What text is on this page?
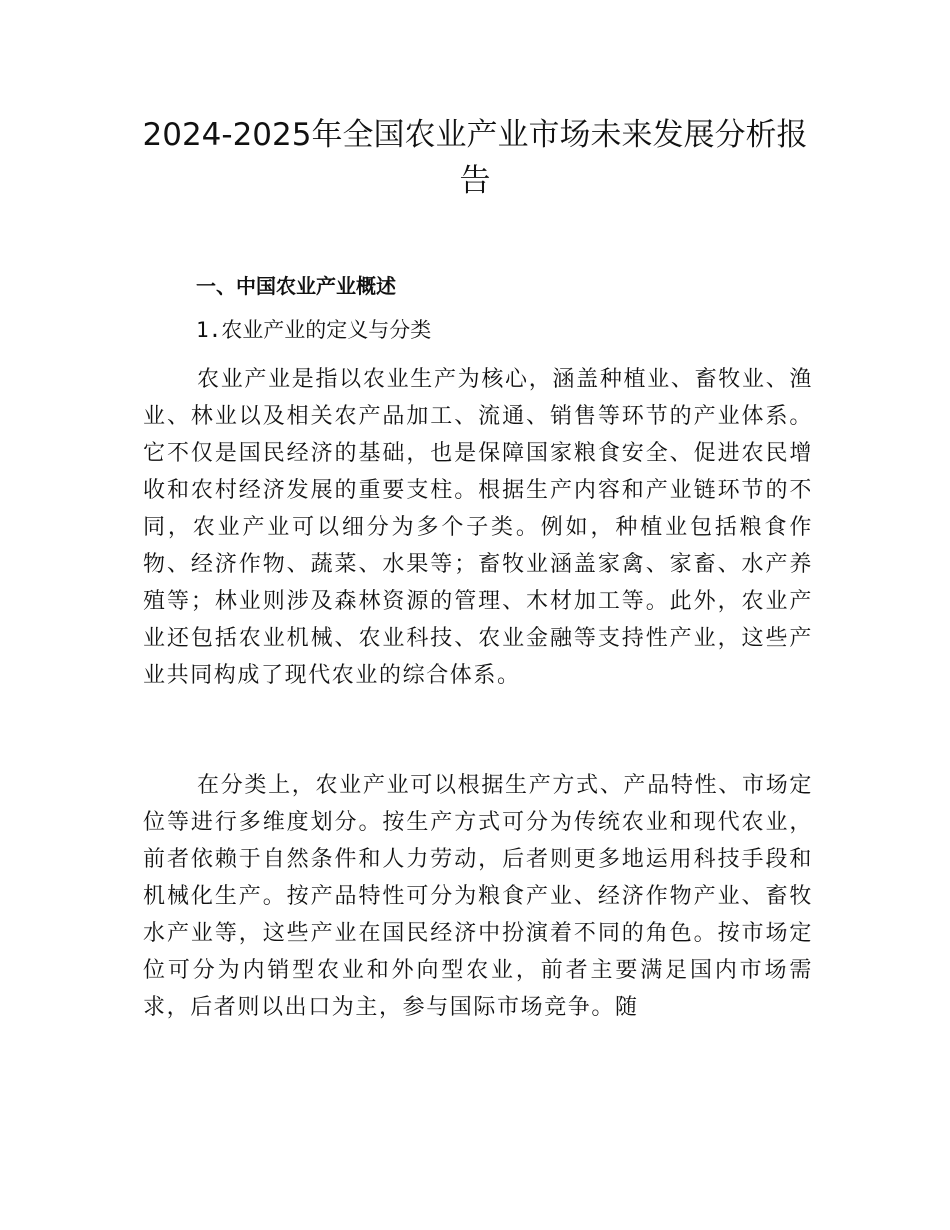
2024-2025年全国农业产业市场未来发展分析报告

一、中国农业产业概述

1.农业产业的定义与分类

农业产业是指以农业生产为核心，涵盖种植业、畜牧业、渔业、林业以及相关农产品加工、流通、销售等环节的产业体系。它不仅是国民经济的基础，也是保障国家粮食安全、促进农民增收和农村经济发展的重要支柱。根据生产内容和产业链环节的不同，农业产业可以细分为多个子类。例如，种植业包括粮食作物、经济作物、蔬菜、水果等；畜牧业涵盖家禽、家畜、水产养殖等；林业则涉及森林资源的管理、木材加工等。此外，农业产业还包括农业机械、农业科技、农业金融等支持性产业，这些产业共同构成了现代农业的综合体系。

在分类上，农业产业可以根据生产方式、产品特性、市场定位等进行多维度划分。按生产方式可分为传统农业和现代农业，前者依赖于自然条件和人力劳动，后者则更多地运用科技手段和机械化生产。按产品特性可分为粮食产业、经济作物产业、畜牧水产业等，这些产业在国民经济中扮演着不同的角色。按市场定位可分为内销型农业和外向型农业，前者主要满足国内市场需求，后者则以出口为主，参与国际市场竞争。随
